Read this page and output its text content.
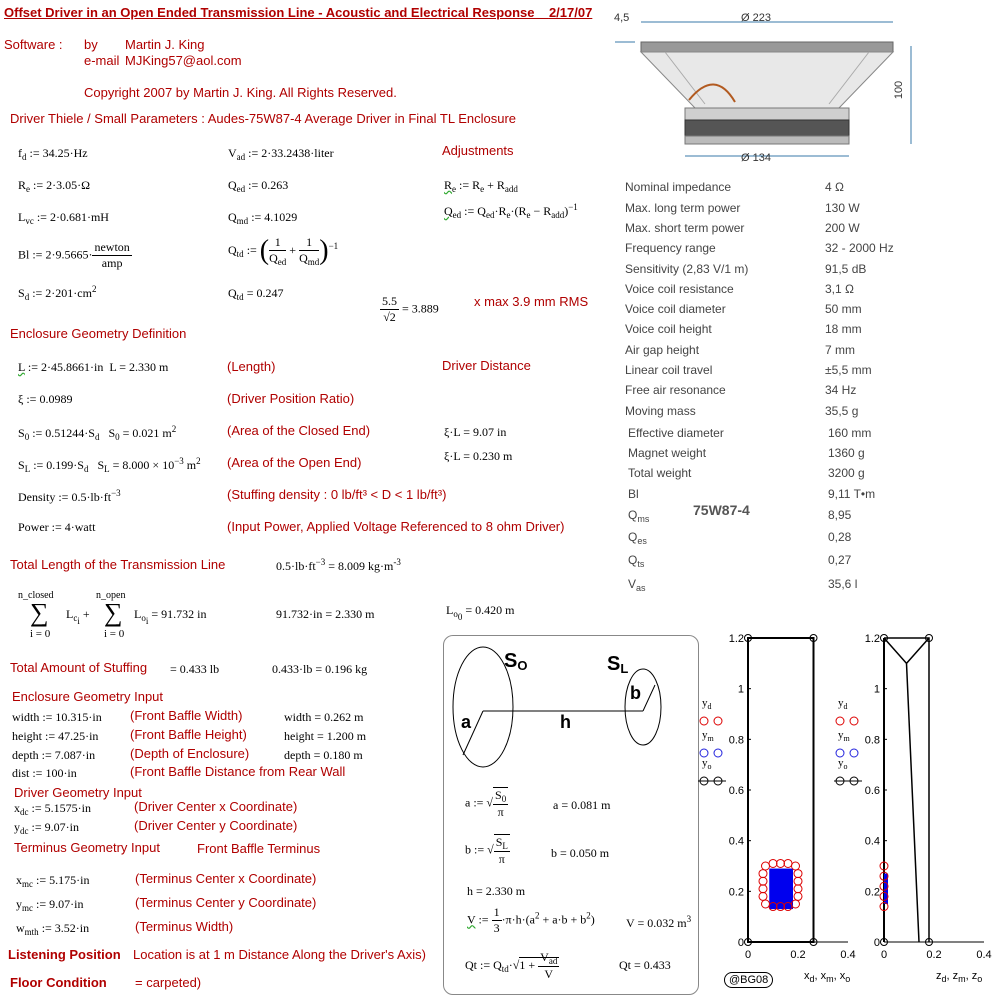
Offset Driver in an Open Ended Transmission Line - Acoustic and Electrical Response 2/17/07
Software : by Martin J. King
e-mail MJKing57@aol.com
Copyright 2007 by Martin J. King. All Rights Reserved.
Driver Thiele / Small Parameters : Audes-75W87-4 Average Driver in Final TL Enclosure
$f_d$ := 34.25·Hz	$V_{ad}$ := 2·33.2438·liter	Adjustments
$R_e$ := 2·3.05·Ω	$Q_{ed}$ := 0.263	$R_e$ := $R_e + R_{add}$
$L_{vc}$ := 2·0.681·mH	$Q_{md}$ := 4.1029	$Q_{ed}$ := $Q_{ed}\cdot R_e\cdot(R_e - R_{add})^{-1}$
Bl := $2\cdot 9.5665\cdot \frac{\text{newton}}{\text{amp}}$	$Q_{td}$ := ( $\frac{1}{Q_{ed}} + \frac{1}{Q_{md}} )^{-1}$
$S_d$ := $2\cdot 201\cdot cm^2$	$Q_{td} = 0.247$
$\frac{5.5}{√2} = 3.889$	x max 3.9 mm RMS
Enclosure Geometry Definition
L := 2·45.8661·in L = 2.330 m	(Length)	Driver Distance
ξ := 0.0989	(Driver Position Ratio)
$S_0$ := $0.51244\cdot S_d$ $S_0 = 0.021$ $m^2$	(Area of the Closed End)	ξ·L = 9.07 in
$S_L$ := $0.199\cdot S_d$   $S_L = 8.000 \times 10^{-3}$ $m^2$ (Area of the Open End)	ξ·L = 0.230 m
Density := $0.5\cdot lb\cdot ft^{-3}$	(Stuffing density : 0 lb/ft³ < D < 1 lb/ft³)
Power := 4·watt	(Input Power, Applied Voltage Referenced to 8 ohm Driver)
Total Length of the Transmission Line	$0.5\cdot lb\cdot ft^{-3} = 8.009$ $kg\cdot m^{-3}$
n_closed	n_open
∑ ∑
$L_{c_i}$ +	$L_{o_i} = 91.732$ in
i = 0	i = 0
91.732·in = 2.330 m	$L_{o_0} = 0.420$ m
Total Amount of Stuffing = 0.433 lb	0.433·lb = 0.196 kg
Enclosure Geometry Input
width := 10.315·in (Front Baffle Width)	width = 0.262 m
height := 47.25·in (Front Baffle Height)	height = 1.200 m
depth := 7.087·in	(Depth of Enclosure)	depth = 0.180 m
dist := 100·in	(Front Baffle Distance from Rear Wall
Driver Geometry Input
$x_{dc}$ := 5.1575·in	(Driver Center x Coordinate)
$y_{dc}$ := 9.07·in	(Driver Center y Coordinate)
Terminus Geometry Input	Front Baffle Terminus
$x_{mc}$ := 5.175·in	(Terminus Center x Coordinate)
$y_{mc}$ := 9.07·in	(Terminus Center y Coordinate)
$w_{mth}$ := 3.52·in	(Terminus Width)
Listening Position Location is at 1 m Distance Along the Driver's Axis)
Floor Condition = carpeted)
$S_O$	$S_L$
a
b
h
a := √ $\frac{S_0}{\pi}$	a = 0.081 m
b := √ $\frac{S_L}{\pi}$	b = 0.050 m
h = 2.330 m
V := $\frac{1}{3} \cdot\pi\cdot h\cdot(a^2 + a\cdot b + b^2)$	V = 0.032 $m^3$
Qt := $Q_{td}\cdot√1 + \frac{V_{ad}}{V}$	Qt = 0.433
Ø 223
Ø 134
100
4,5
Nominal impedance	4 Ω
Max. long term power	130 W
Max. short term power	200 W
Frequency range	32 - 2000 Hz
Sensitivity (2,83 V/1 m)	91,5 dB
Voice coil resistance	3,1 Ω
Voice coil diameter	50 mm
Voice coil height	18 mm
Air gap height	7 mm
Linear coil travel	±5,5 mm
Free air resonance	34 Hz
Moving mass	35,5 g
Effective diameter	160 mm
Magnet weight	1360 g
Total weight	3200 g
Bl	9,11 T•m
$Q_{ms}$	8,95
$Q_{es}$	0,28
$Q_{ts}$	0,27
$V_{as}$	35,6 l
75W87-4
1.2
1
0.8
0.6
0.4
0.2
0
0	0.2	0.4
$y_d$
$y_m$
$y_o$
1.2
1
0.8
0.6
0.4
0.2
0
0	0.2	0.4
$y_d$
$y_m$
$y_o$
$x_d$, $x_m$, $x_o$	$z_d$, $z_m$, $z_o$
@BG08
